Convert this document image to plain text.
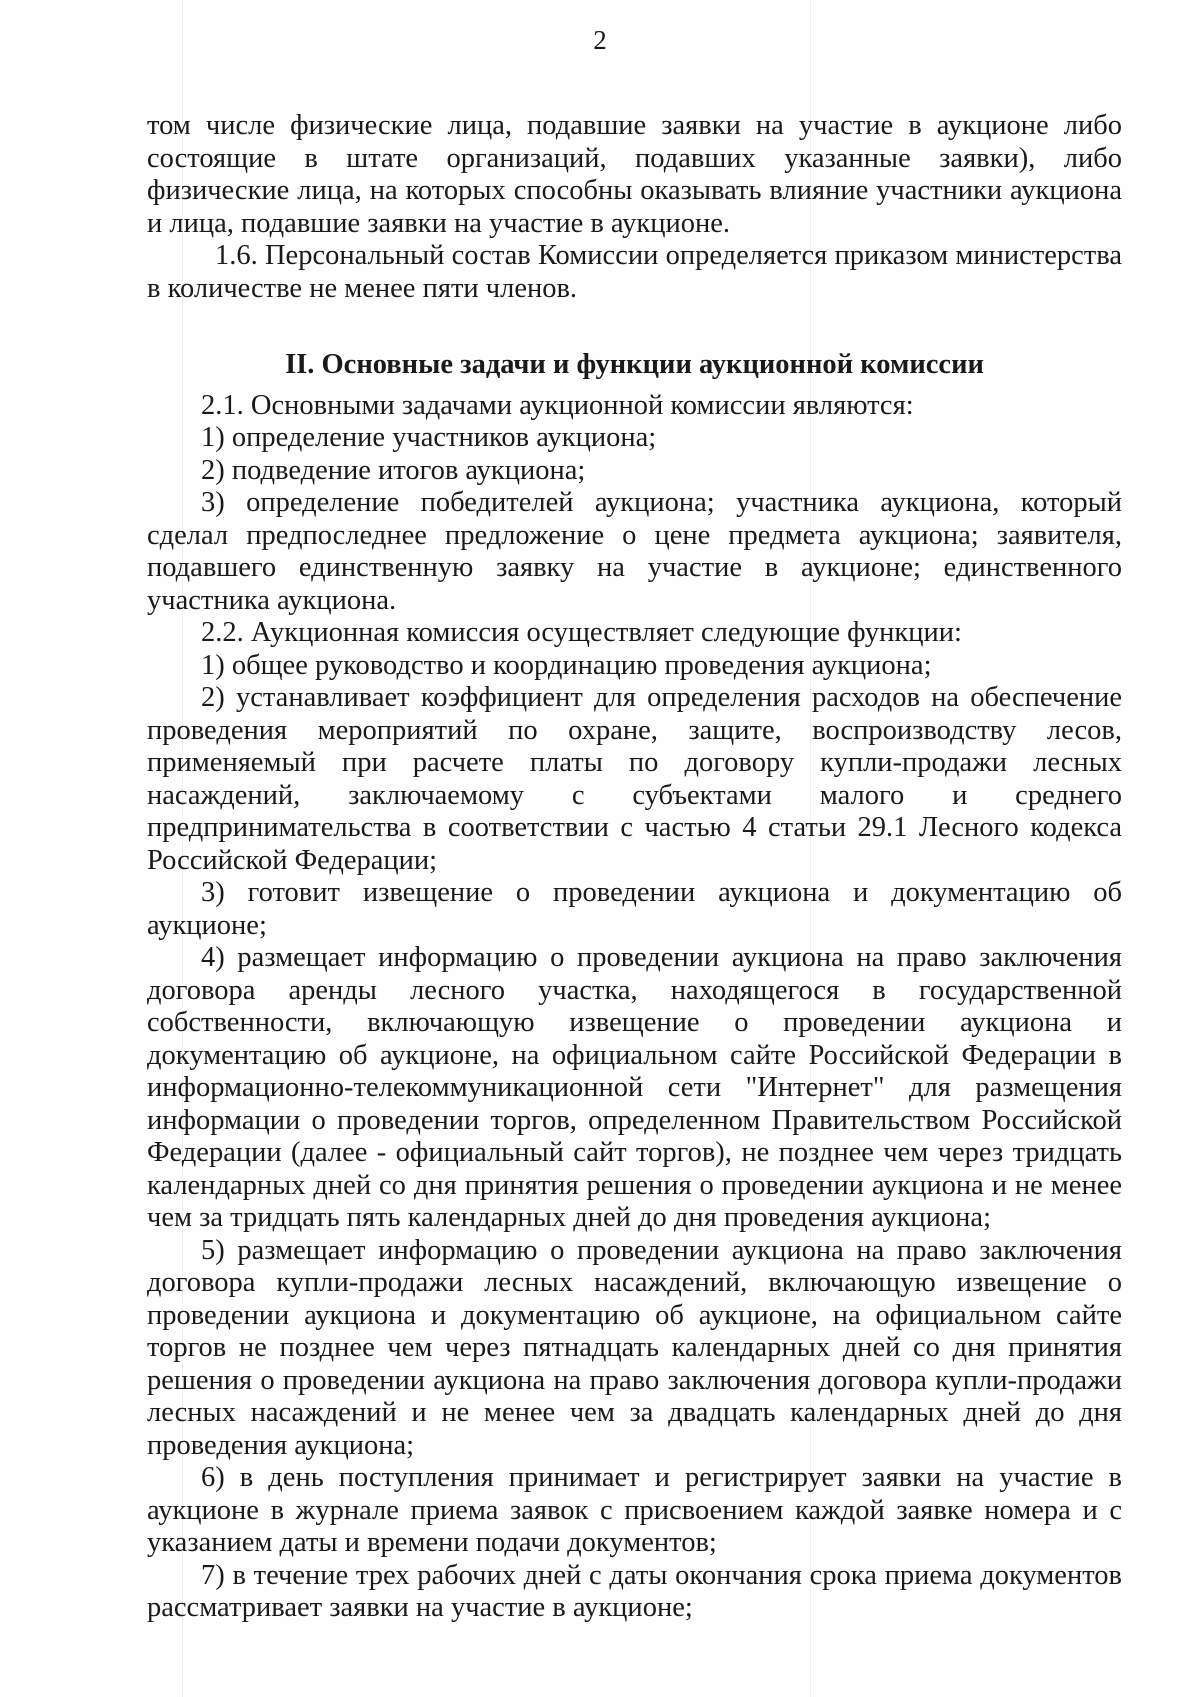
2

том числе физические лица, подавшие заявки на участие в аукционе либо состоящие в штате организаций, подавших указанные заявки), либо физические лица, на которых способны оказывать влияние участники аукциона и лица, подавшие заявки на участие в аукционе.

1.6. Персональный состав Комиссии определяется приказом министерства в количестве не менее пяти членов.

II. Основные задачи и функции аукционной комиссии

2.1. Основными задачами аукционной комиссии являются:

1) определение участников аукциона;

2) подведение итогов аукциона;

3) определение победителей аукциона; участника аукциона, который сделал предпоследнее предложение о цене предмета аукциона; заявителя, подавшего единственную заявку на участие в аукционе; единственного участника аукциона.

2.2. Аукционная комиссия осуществляет следующие функции:

1) общее руководство и координацию проведения аукциона;

2) устанавливает коэффициент для определения расходов на обеспечение проведения мероприятий по охране, защите, воспроизводству лесов, применяемый при расчете платы по договору купли-продажи лесных насаждений, заключаемому с субъектами малого и среднего предпринимательства в соответствии с частью 4 статьи 29.1 Лесного кодекса Российской Федерации;

3) готовит извещение о проведении аукциона и документацию об аукционе;

4) размещает информацию о проведении аукциона на право заключения договора аренды лесного участка, находящегося в государственной собственности, включающую извещение о проведении аукциона и документацию об аукционе, на официальном сайте Российской Федерации в информационно-телекоммуникационной сети "Интернет" для размещения информации о проведении торгов, определенном Правительством Российской Федерации (далее - официальный сайт торгов), не позднее чем через тридцать календарных дней со дня принятия решения о проведении аукциона и не менее чем за тридцать пять календарных дней до дня проведения аукциона;

5) размещает информацию о проведении аукциона на право заключения договора купли-продажи лесных насаждений, включающую извещение о проведении аукциона и документацию об аукционе, на официальном сайте торгов не позднее чем через пятнадцать календарных дней со дня принятия решения о проведении аукциона на право заключения договора купли-продажи лесных насаждений и не менее чем за двадцать календарных дней до дня проведения аукциона;

6) в день поступления принимает и регистрирует заявки на участие в аукционе в журнале приема заявок с присвоением каждой заявке номера и с указанием даты и времени подачи документов;

7) в течение трех рабочих дней с даты окончания срока приема документов рассматривает заявки на участие в аукционе;
